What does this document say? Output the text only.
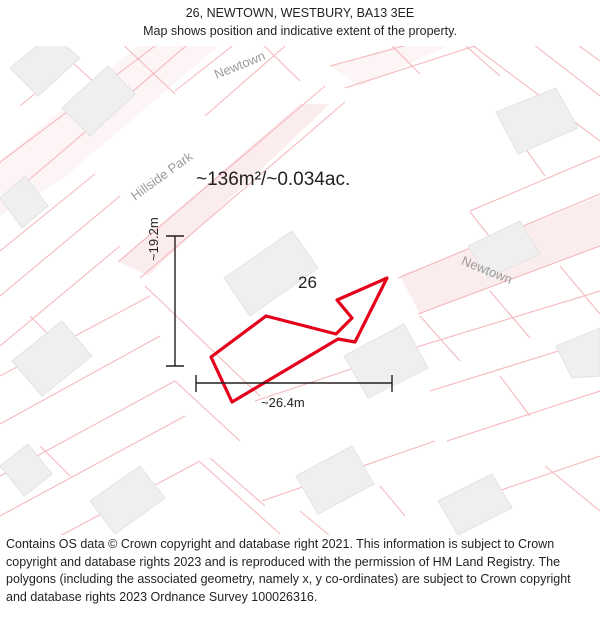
26, NEWTOWN, WESTBURY, BA13 3EE
Map shows position and indicative extent of the property.
Newtown
Hillside Park
Newtown
~136m²/~0.034ac.
26
~19.2m
~26.4m
Contains OS data © Crown copyright and database right 2021. This information is subject to Crown copyright and database rights 2023 and is reproduced with the permission of HM Land Registry. The polygons (including the associated geometry, namely x, y co-ordinates) are subject to Crown copyright and database rights 2023 Ordnance Survey 100026316.
